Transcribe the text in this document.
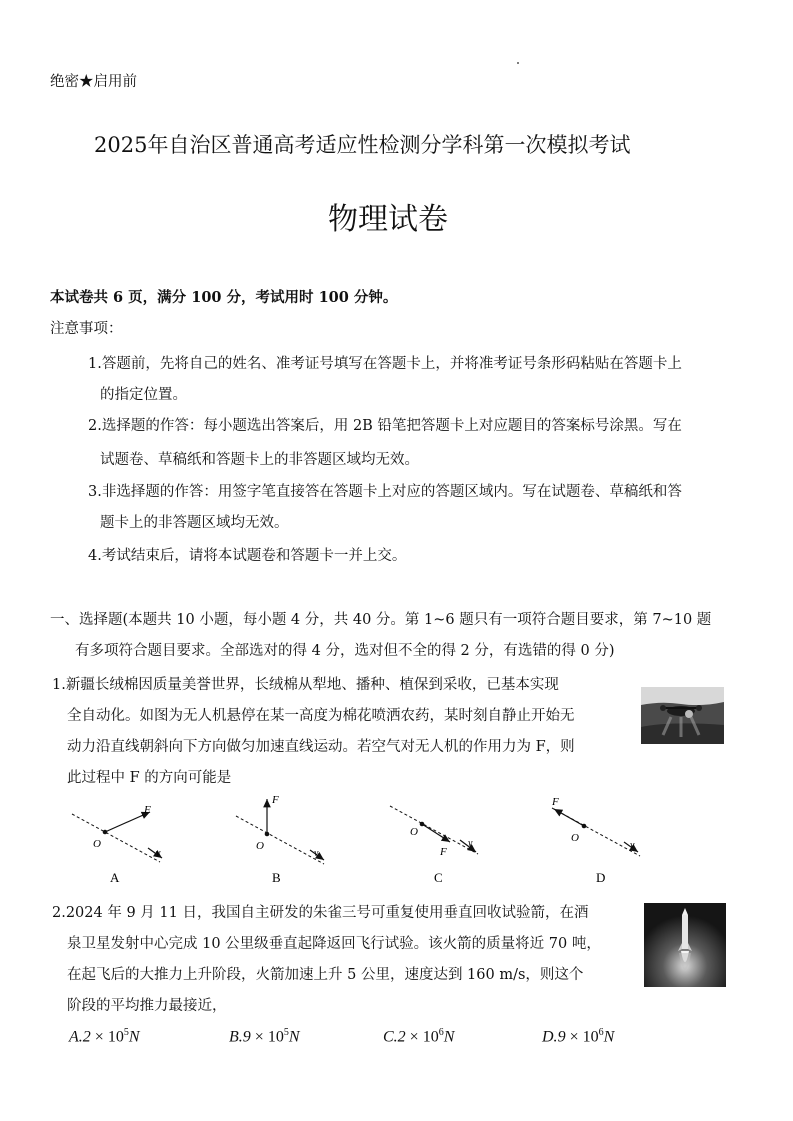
绝密★启用前
2025年自治区普通高考适应性检测分学科第一次模拟考试
物理试卷
本试卷共 6 页，满分 100 分，考试用时 100 分钟。
注意事项：
1.答题前，先将自己的姓名、准考证号填写在答题卡上，并将准考证号条形码粘贴在答题卡上
的指定位置。
2.选择题的作答：每小题选出答案后，用 2B 铅笔把答题卡上对应题目的答案标号涂黑。写在
试题卷、草稿纸和答题卡上的非答题区域均无效。
3.非选择题的作答：用签字笔直接答在答题卡上对应的答题区域内。写在试题卷、草稿纸和答
题卡上的非答题区域均无效。
4.考试结束后，请将本试题卷和答题卡一并上交。
一、选择题(本题共 10 小题，每小题 4 分，共 40 分。第 1~6 题只有一项符合题目要求，第 7~10 题
有多项符合题目要求。全部选对的得 4 分，选对但不全的得 2 分，有选错的得 0 分)
1.新疆长绒棉因质量美誉世界，长绒棉从犁地、播种、植保到采收，已基本实现
全自动化。如图为无人机悬停在某一高度为棉花喷洒农药，某时刻自静止开始无
动力沿直线朝斜向下方向做匀加速直线运动。若空气对无人机的作用力为 F，则
此过程中 F 的方向可能是
F
O
v
A
F
O
v
B
F
O
v
C
F
O
v
D
2.2024 年 9 月 11 日，我国自主研发的朱雀三号可重复使用垂直回收试验箭，在酒
泉卫星发射中心完成 10 公里级垂直起降返回飞行试验。该火箭的质量将近 70 吨，
在起飞后的大推力上升阶段，火箭加速上升 5 公里，速度达到 160 m/s，则这个
阶段的平均推力最接近，
$A.2 \times 10^5N$	$B.9 \times 10^5N$	$C.2 \times 10^6N$	$D.9 \times 10^6N$
